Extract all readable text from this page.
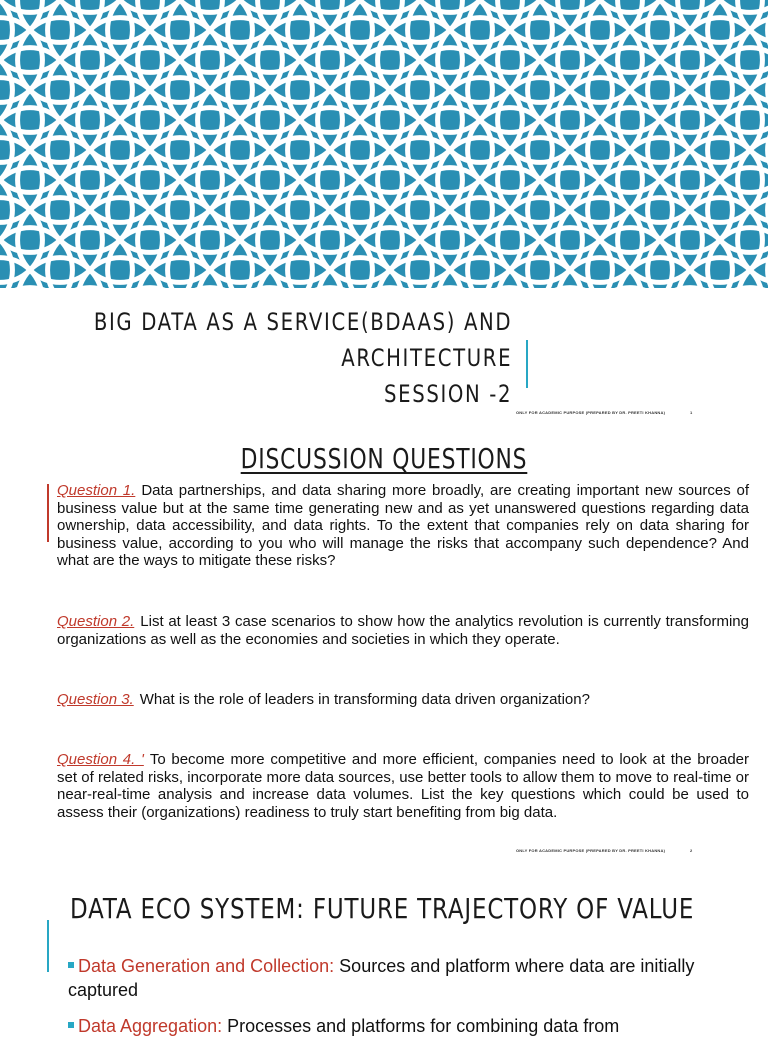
BIG DATA AS A SERVICE(BDAAS) AND
ARCHITECTURE
SESSION -2
ONLY FOR ACADEMIC PURPOSE (PREPARED BY DR. PREETI KHANNA)	1
DISCUSSION QUESTIONS

Question 1. Data partnerships, and data sharing more broadly, are creating important new sources of business value but at the same time generating new and as yet unanswered questions regarding data ownership, data accessibility, and data rights. To the extent that companies rely on data sharing for business value, according to you who will manage the risks that accompany such dependence? And what are the ways to mitigate these risks?

Question 2. List at least 3 case scenarios to show how the analytics revolution is currently transforming organizations as well as the economies and societies in which they operate.

Question 3. What is the role of leaders in transforming data driven organization?

Question 4. ' To become more competitive and more efficient, companies need to look at the broader set of related risks, incorporate more data sources, use better tools to allow them to move to real-time or near-real-time analysis and increase data volumes. List the key questions which could be used to assess their (organizations) readiness to truly start benefiting from big data.

ONLY FOR ACADEMIC PURPOSE (PREPARED BY DR. PREETI KHANNA)	2
DATA ECO SYSTEM: FUTURE TRAJECTORY OF VALUE

Data Generation and Collection: Sources and platform where data are initially captured

Data Aggregation: Processes and platforms for combining data from
